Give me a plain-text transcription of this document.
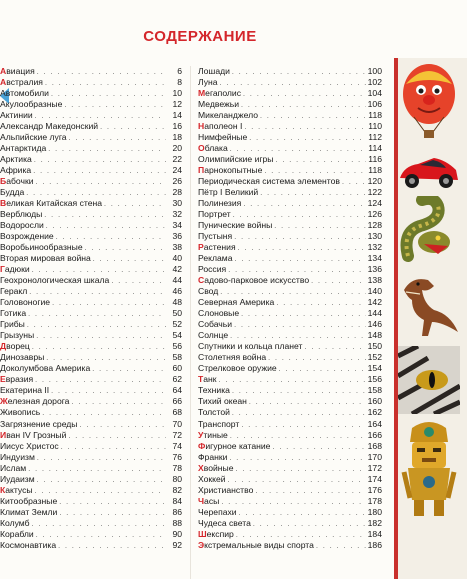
СОДЕРЖАНИЕ
Авиация . . .	6
Австралия . . .	8
Автомобили . . .	10
Акулообразные . . .	12
Актинии . . .	14
Александр Македонский . . .	16
Альпийские луга . . .	18
Антарктида . . .	20
Арктика . . .	22
Африка . . .	24
Бабочки . . .	26
Будда . . .	28
Великая Китайская стена . . .	30
Верблюды . . .	32
Водоросли . . .	34
Возрождение . . .	36
Воробьинообразные . . .	38
Вторая мировая война . . .	40
Гадюки . . .	42
Геохронологическая шкала . . .	44
Геракл . . .	46
Головоногие . . .	48
Готика . . .	50
Грибы . . .	52
Грызуны . . .	54
Дворец . . .	56
Динозавры . . .	58
Доколумбова Америка . . .	60
Евразия . . .	62
Екатерина II . . .	64
Железная дорога . . .	66
Живопись . . .	68
Загрязнение среды . . .	70
Иван IV Грозный . . .	72
Иисус Христос . . .	74
Индуизм . . .	76
Ислам . . .	78
Иудаизм . . .	80
Кактусы . . .	82
Китообразные . . .	84
Климат Земли . . .	86
Колумб . . .	88
Корабли . . .	90
Космонавтика . . .	92
Лошади . . .	100
Луна . . .	102
Мегаполис . . .	104
Медвежьи . . .	106
Микеланджело . . .	118
Наполеон I . . .	110
Нимфейные . . .	112
Облака . . .	114
Олимпийские игры . . .	116
Парнокопытные . . .	118
Периодическая система элементов . . .	120
Пётр I Великий . . .	122
Полинезия . . .	124
Портрет . . .	126
Пунические войны . . .	128
Пустыня . . .	130
Растения . . .	132
Реклама . . .	134
Россия . . .	136
Садово-парковое искусство . . .	138
Свод . . .	140
Северная Америка . . .	142
Слоновые . . .	144
Собачьи . . .	146
Солнце . . .	148
Спутники и кольца планет . . .	150
Столетняя война . . .	152
Стрелковое оружие . . .	154
Танк . . .	156
Техника . . .	158
Тихий океан . . .	160
Толстой . . .	162
Транспорт . . .	164
Утиные . . .	166
Фигурное катание . . .	168
Франки . . .	170
Хвойные . . .	172
Хоккей . . .	174
Христианство . . .	176
Часы . . .	178
Черепахи . . .	180
Чудеса света . . .	182
Шекспир . . .	184
Экстремальные виды спорта . . .	186
